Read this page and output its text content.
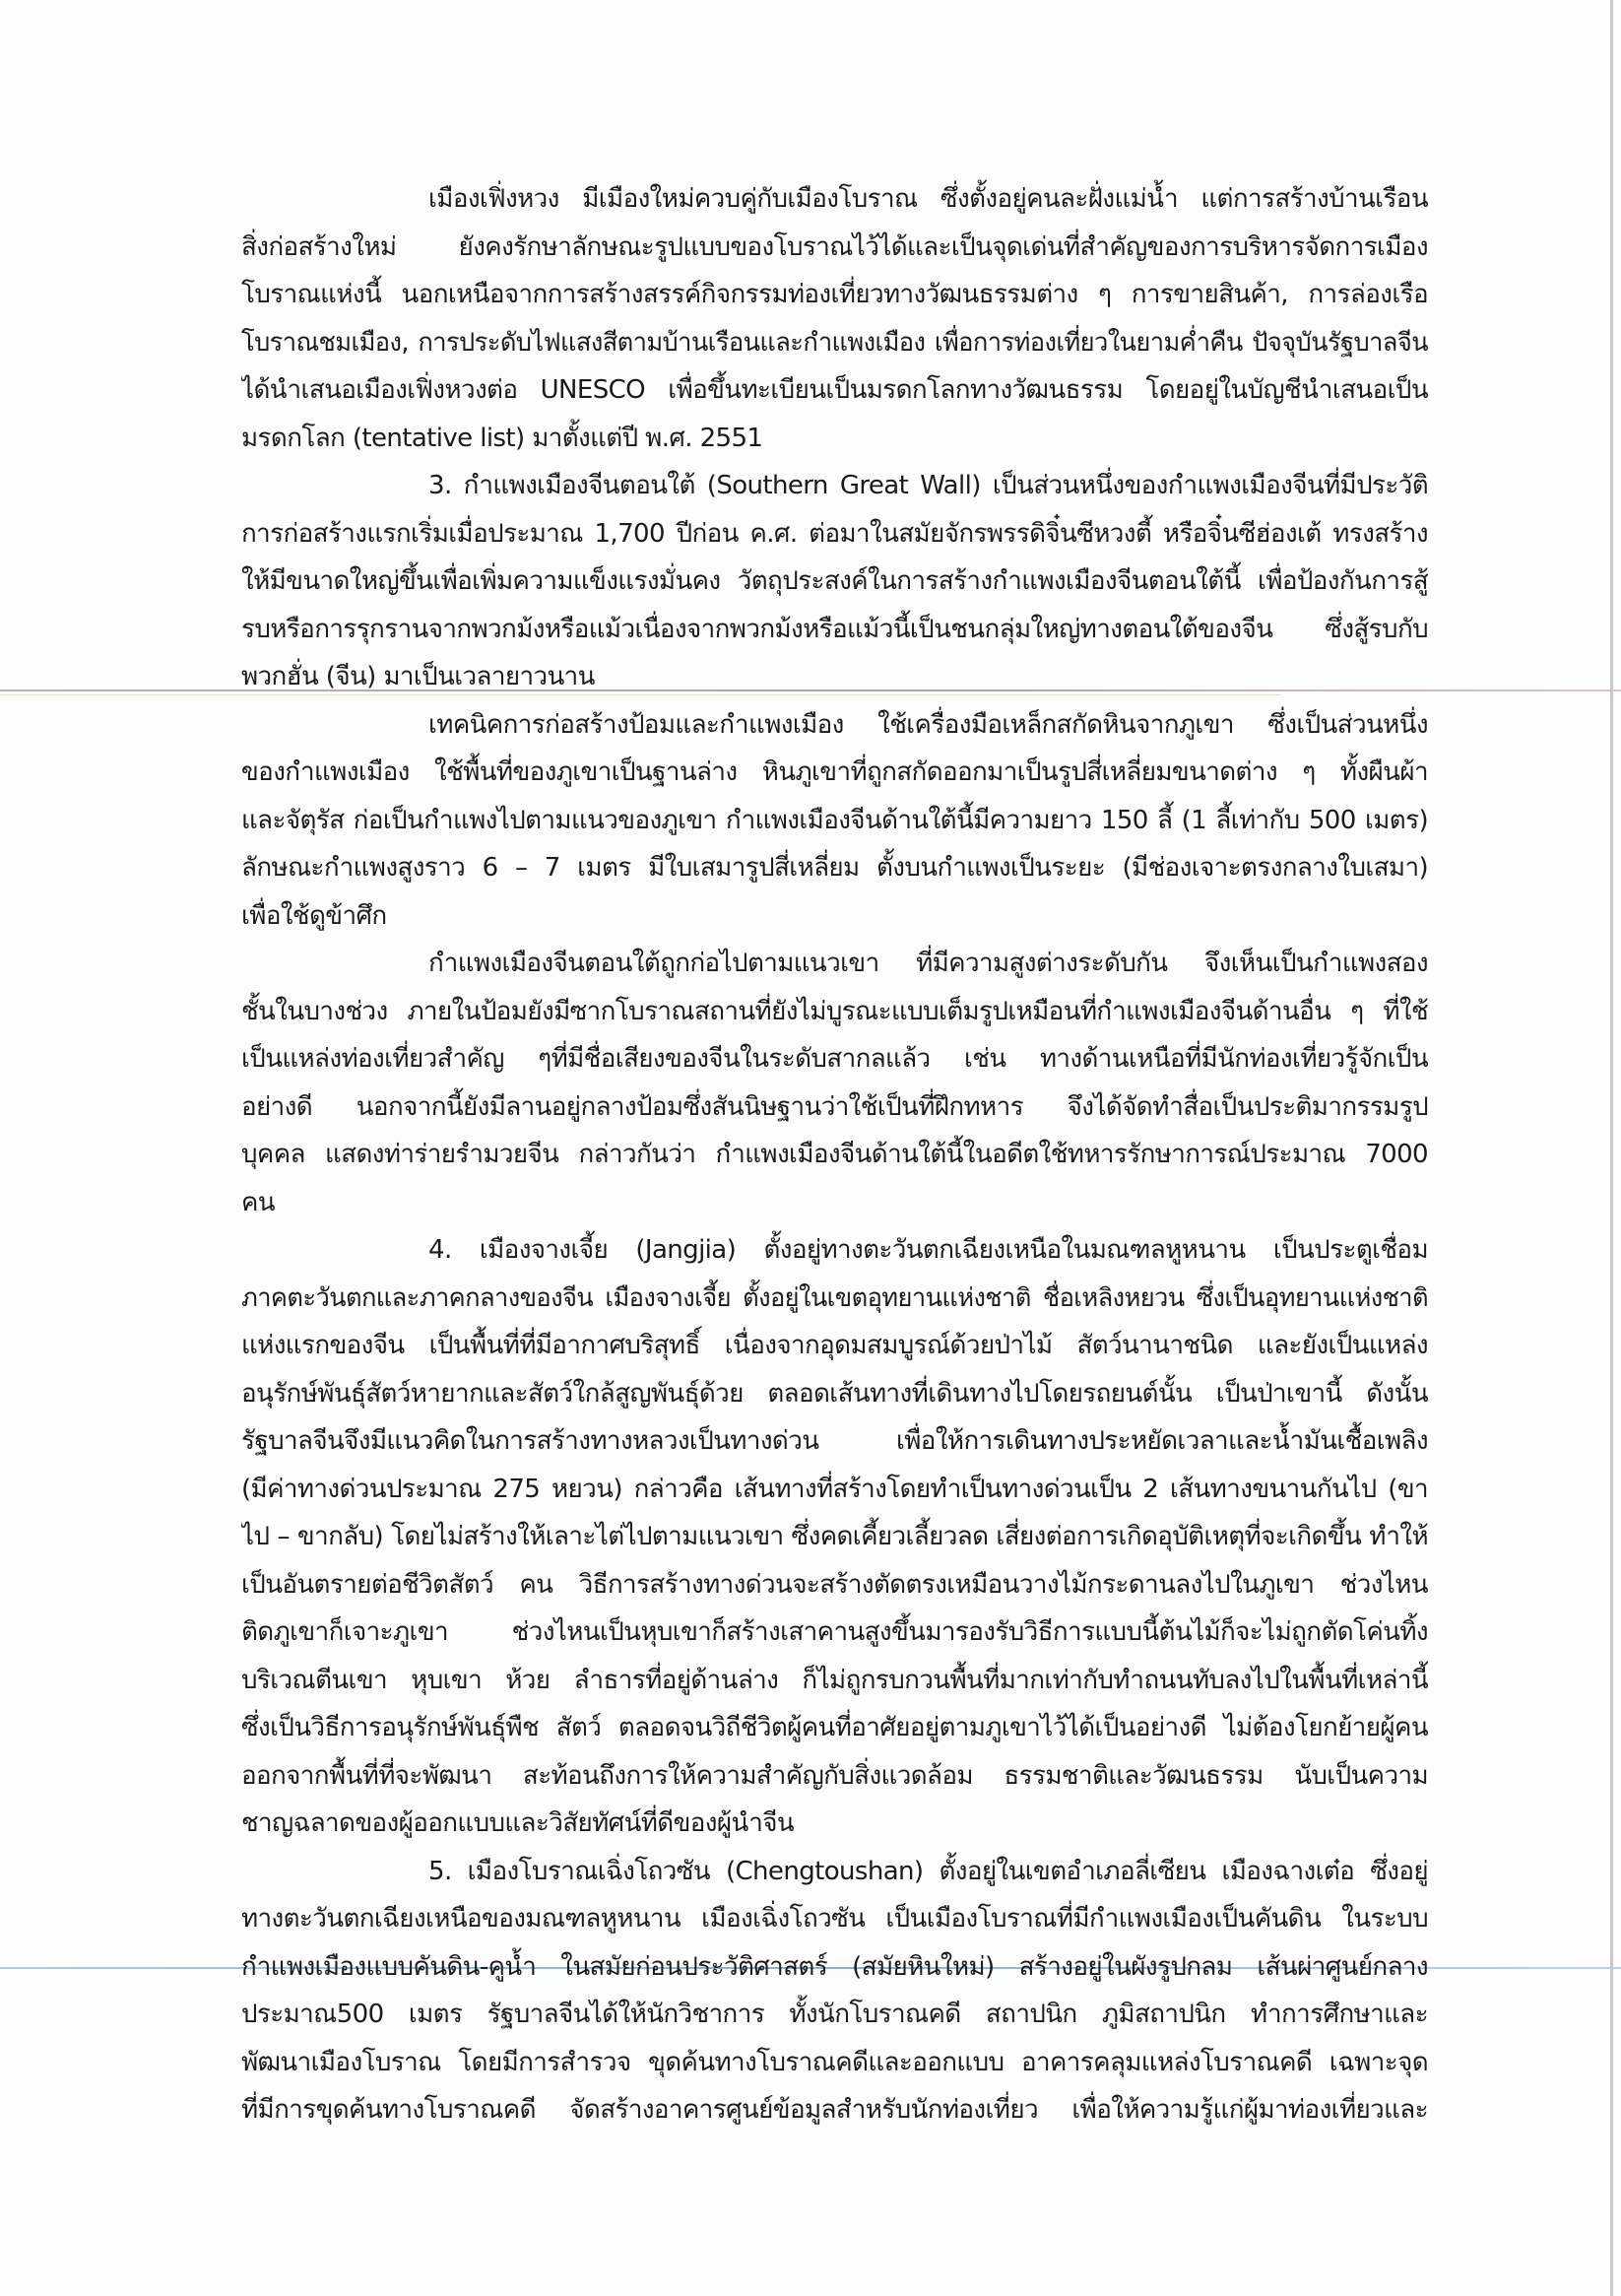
เมืองเฟิ่งหวง มีเมืองใหม่ควบคู่กับเมืองโบราณ ซึ่งตั้งอยู่คนละฝั่งแม่น้ำ แต่การสร้างบ้านเรือน
สิ่งก่อสร้างใหม่ ยังคงรักษาลักษณะรูปแบบของโบราณไว้ได้และเป็นจุดเด่นที่สำคัญของการบริหารจัดการเมือง
โบราณแห่งนี้ นอกเหนือจากการสร้างสรรค์กิจกรรมท่องเที่ยวทางวัฒนธรรมต่าง ๆ การขายสินค้า, การล่องเรือ
โบราณชมเมือง, การประดับไฟแสงสีตามบ้านเรือนและกำแพงเมือง เพื่อการท่องเที่ยวในยามค่ำคืน ปัจจุบันรัฐบาลจีน
ได้นำเสนอเมืองเฟิ่งหวงต่อ UNESCO เพื่อขึ้นทะเบียนเป็นมรดกโลกทางวัฒนธรรม โดยอยู่ในบัญชีนำเสนอเป็น
มรดกโลก (tentative list) มาตั้งแต่ปี พ.ศ. 2551
3. กำแพงเมืองจีนตอนใต้ (Southern Great Wall) เป็นส่วนหนึ่งของกำแพงเมืองจีนที่มีประวัติ
การก่อสร้างแรกเริ่มเมื่อประมาณ 1,700 ปีก่อน ค.ศ. ต่อมาในสมัยจักรพรรดิจิ๋นซีหวงตี้ หรือจิ๋นซีฮ่องเต้ ทรงสร้าง
ให้มีขนาดใหญ่ขึ้นเพื่อเพิ่มความแข็งแรงมั่นคง วัตถุประสงค์ในการสร้างกำแพงเมืองจีนตอนใต้นี้ เพื่อป้องกันการสู้
รบหรือการรุกรานจากพวกม้งหรือแม้วเนื่องจากพวกม้งหรือแม้วนี้เป็นชนกลุ่มใหญ่ทางตอนใต้ของจีน ซึ่งสู้รบกับ
พวกฮั่น (จีน) มาเป็นเวลายาวนาน
เทคนิคการก่อสร้างป้อมและกำแพงเมือง ใช้เครื่องมือเหล็กสกัดหินจากภูเขา ซึ่งเป็นส่วนหนึ่ง
ของกำแพงเมือง ใช้พื้นที่ของภูเขาเป็นฐานล่าง หินภูเขาที่ถูกสกัดออกมาเป็นรูปสี่เหลี่ยมขนาดต่าง ๆ ทั้งผืนผ้า
และจัตุรัส ก่อเป็นกำแพงไปตามแนวของภูเขา กำแพงเมืองจีนด้านใต้นี้มีความยาว 150 ลี้ (1 ลี้เท่ากับ 500 เมตร)
ลักษณะกำแพงสูงราว 6 – 7 เมตร มีใบเสมารูปสี่เหลี่ยม ตั้งบนกำแพงเป็นระยะ (มีช่องเจาะตรงกลางใบเสมา)
เพื่อใช้ดูข้าศึก
กำแพงเมืองจีนตอนใต้ถูกก่อไปตามแนวเขา ที่มีความสูงต่างระดับกัน จึงเห็นเป็นกำแพงสอง
ชั้นในบางช่วง ภายในป้อมยังมีซากโบราณสถานที่ยังไม่บูรณะแบบเต็มรูปเหมือนที่กำแพงเมืองจีนด้านอื่น ๆ ที่ใช้
เป็นแหล่งท่องเที่ยวสำคัญ ๆที่มีชื่อเสียงของจีนในระดับสากลแล้ว เช่น ทางด้านเหนือที่มีนักท่องเที่ยวรู้จักเป็น
อย่างดี นอกจากนี้ยังมีลานอยู่กลางป้อมซึ่งสันนิษฐานว่าใช้เป็นที่ฝึกทหาร จึงได้จัดทำสื่อเป็นประติมากรรมรูป
บุคคล แสดงท่าร่ายรำมวยจีน กล่าวกันว่า กำแพงเมืองจีนด้านใต้นี้ในอดีตใช้ทหารรักษาการณ์ประมาณ 7000
คน
4. เมืองจางเจี้ย (Jangjia) ตั้งอยู่ทางตะวันตกเฉียงเหนือในมณฑลหูหนาน เป็นประตูเชื่อม
ภาคตะวันตกและภาคกลางของจีน เมืองจางเจี้ย ตั้งอยู่ในเขตอุทยานแห่งชาติ ชื่อเหลิงหยวน ซึ่งเป็นอุทยานแห่งชาติ
แห่งแรกของจีน เป็นพื้นที่ที่มีอากาศบริสุทธิ์ เนื่องจากอุดมสมบูรณ์ด้วยป่าไม้ สัตว์นานาชนิด และยังเป็นแหล่ง
อนุรักษ์พันธุ์สัตว์หายากและสัตว์ใกล้สูญพันธุ์ด้วย ตลอดเส้นทางที่เดินทางไปโดยรถยนต์นั้น เป็นป่าเขานี้ ดังนั้น
รัฐบาลจีนจึงมีแนวคิดในการสร้างทางหลวงเป็นทางด่วน เพื่อให้การเดินทางประหยัดเวลาและน้ำมันเชื้อเพลิง
(มีค่าทางด่วนประมาณ 275 หยวน) กล่าวคือ เส้นทางที่สร้างโดยทำเป็นทางด่วนเป็น 2 เส้นทางขนานกันไป (ขา
ไป – ขากลับ) โดยไม่สร้างให้เลาะไต่ไปตามแนวเขา ซึ่งคดเคี้ยวเลี้ยวลด เสี่ยงต่อการเกิดอุบัติเหตุที่จะเกิดขึ้น ทำให้
เป็นอันตรายต่อชีวิตสัตว์ คน วิธีการสร้างทางด่วนจะสร้างตัดตรงเหมือนวางไม้กระดานลงไปในภูเขา ช่วงไหน
ติดภูเขาก็เจาะภูเขา ช่วงไหนเป็นหุบเขาก็สร้างเสาคานสูงขึ้นมารองรับวิธีการแบบนี้ต้นไม้ก็จะไม่ถูกตัดโค่นทิ้ง
บริเวณตีนเขา หุบเขา ห้วย ลำธารที่อยู่ด้านล่าง ก็ไม่ถูกรบกวนพื้นที่มากเท่ากับทำถนนทับลงไปในพื้นที่เหล่านี้
ซึ่งเป็นวิธีการอนุรักษ์พันธุ์พืช สัตว์ ตลอดจนวิถีชีวิตผู้คนที่อาศัยอยู่ตามภูเขาไว้ได้เป็นอย่างดี ไม่ต้องโยกย้ายผู้คน
ออกจากพื้นที่ที่จะพัฒนา สะท้อนถึงการให้ความสำคัญกับสิ่งแวดล้อม ธรรมชาติและวัฒนธรรม นับเป็นความ
ชาญฉลาดของผู้ออกแบบและวิสัยทัศน์ที่ดีของผู้นำจีน
5. เมืองโบราณเฉิ่งโถวซัน (Chengtoushan) ตั้งอยู่ในเขตอำเภอลี่เซียน เมืองฉางเต๋อ ซึ่งอยู่
ทางตะวันตกเฉียงเหนือของมณฑลหูหนาน เมืองเฉิ่งโถวซัน เป็นเมืองโบราณที่มีกำแพงเมืองเป็นคันดิน ในระบบ
กำแพงเมืองแบบคันดิน-คูน้ำ ในสมัยก่อนประวัติศาสตร์ (สมัยหินใหม่) สร้างอยู่ในผังรูปกลม เส้นผ่าศูนย์กลาง
ประมาณ500 เมตร รัฐบาลจีนได้ให้นักวิชาการ ทั้งนักโบราณคดี สถาปนิก ภูมิสถาปนิก ทำการศึกษาและ
พัฒนาเมืองโบราณ โดยมีการสำรวจ ขุดค้นทางโบราณคดีและออกแบบ อาคารคลุมแหล่งโบราณคดี เฉพาะจุด
ที่มีการขุดค้นทางโบราณคดี จัดสร้างอาคารศูนย์ข้อมูลสำหรับนักท่องเที่ยว เพื่อให้ความรู้แก่ผู้มาท่องเที่ยวและ
